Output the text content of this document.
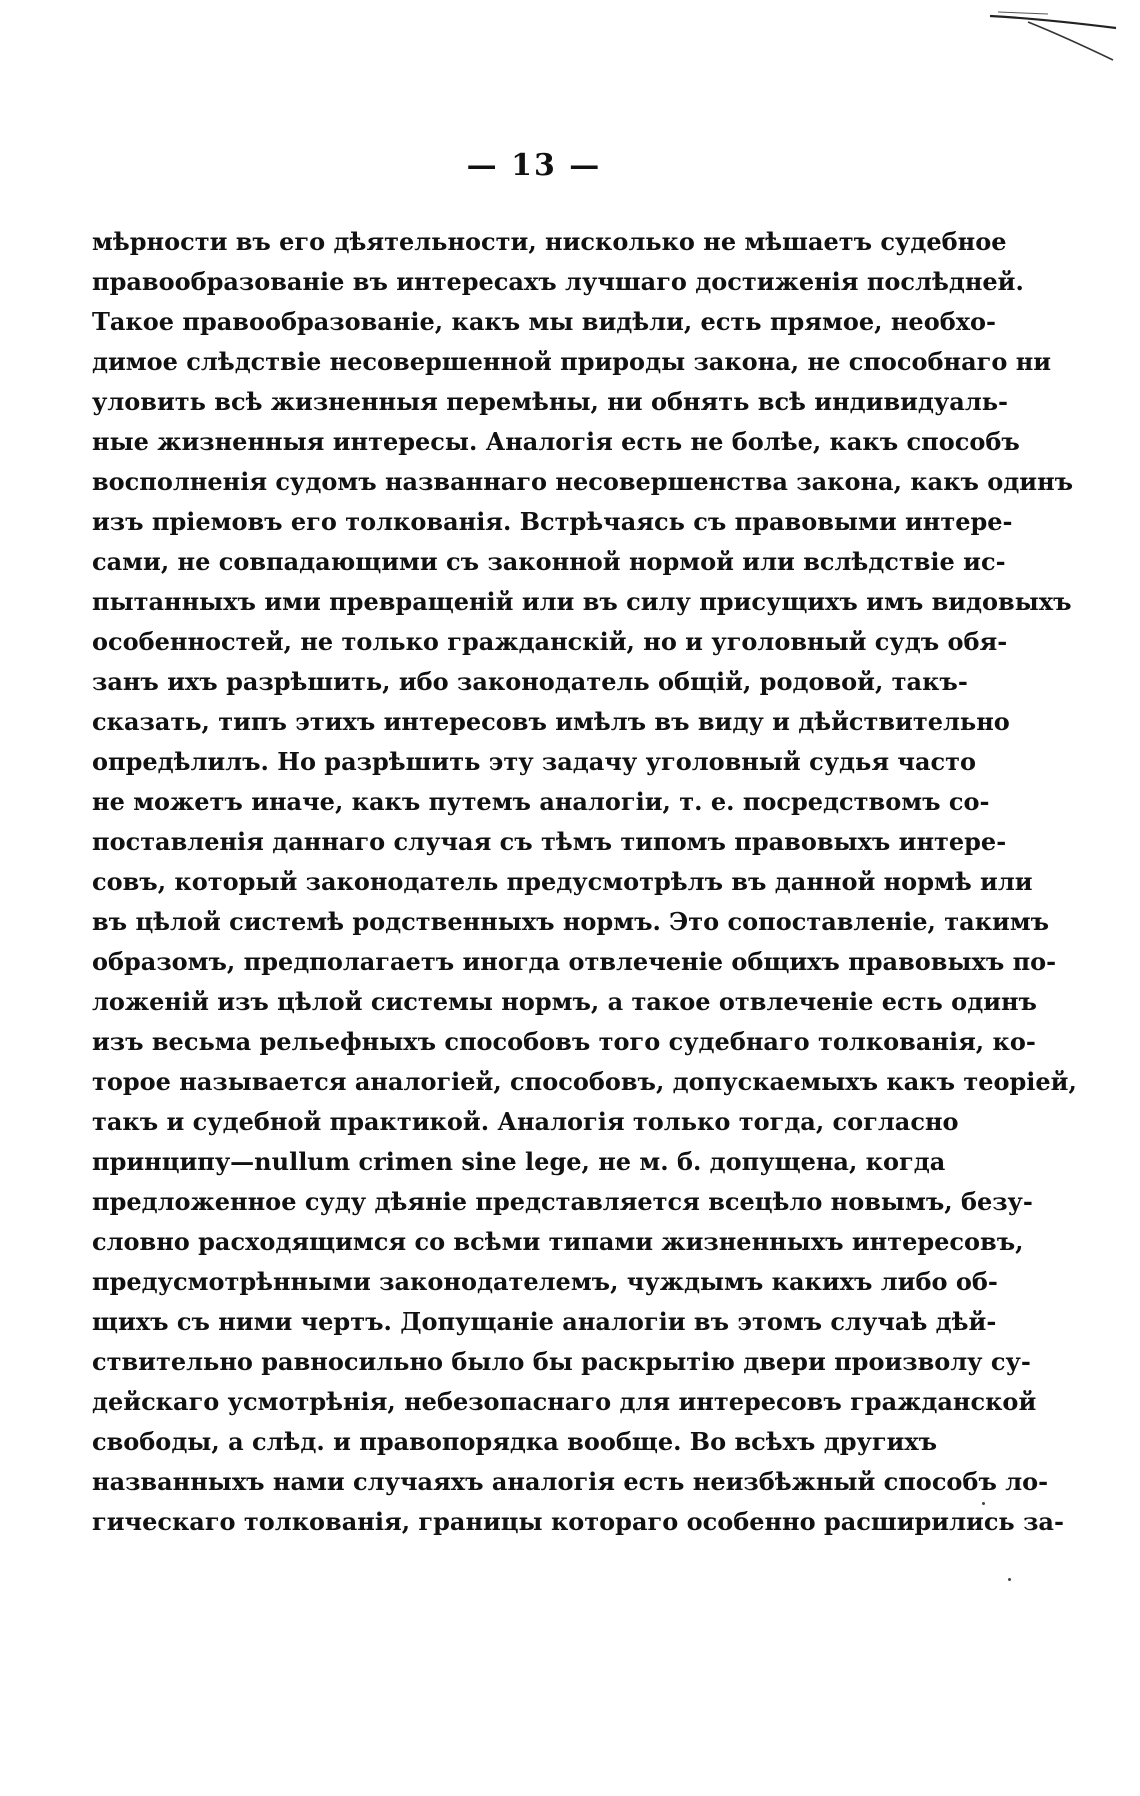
— 13 —
мѣрности въ его дѣятельности, нисколько не мѣшаетъ судебное
правообразованіе въ интересахъ лучшаго достиженія послѣдней.
Такое правообразованіе, какъ мы видѣли, есть прямое, необхо-
димое слѣдствіе несовершенной природы закона, не способнаго ни
уловить всѣ жизненныя перемѣны, ни обнять всѣ индивидуаль-
ные жизненныя интересы. Аналогія есть не болѣе, какъ способъ
восполненія судомъ названнаго несовершенства закона, какъ одинъ
изъ пріемовъ его толкованія. Встрѣчаясь съ правовыми интере-
сами, не совпадающими съ законной нормой или вслѣдствіе ис-
пытанныхъ ими превращеній или въ силу присущихъ имъ видовыхъ
особенностей, не только гражданскій, но и уголовный судъ обя-
занъ ихъ разрѣшить, ибо законодатель общій, родовой, такъ-
сказать, типъ этихъ интересовъ имѣлъ въ виду и дѣйствительно
опредѣлилъ. Но разрѣшить эту задачу уголовный судья часто
не можетъ иначе, какъ путемъ аналогіи, т. е. посредствомъ со-
поставленія даннаго случая съ тѣмъ типомъ правовыхъ интере-
совъ, который законодатель предусмотрѣлъ въ данной нормѣ или
въ цѣлой системѣ родственныхъ нормъ. Это сопоставленіе, такимъ
образомъ, предполагаетъ иногда отвлеченіе общихъ правовыхъ по-
ложеній изъ цѣлой системы нормъ, а такое отвлеченіе есть одинъ
изъ весьма рельефныхъ способовъ того судебнаго толкованія, ко-
торое называется аналогіей, способовъ, допускаемыхъ какъ теоріей,
такъ и судебной практикой. Аналогія только тогда, согласно
принципу—nullum crimen sine lege, не м. б. допущена, когда
предложенное суду дѣяніе представляется всецѣло новымъ, безу-
словно расходящимся со всѣми типами жизненныхъ интересовъ,
предусмотрѣнными законодателемъ, чуждымъ какихъ либо об-
щихъ съ ними чертъ. Допущаніе аналогіи въ этомъ случаѣ дѣй-
ствительно равносильно было бы раскрытію двери произволу су-
дейскаго усмотрѣнія, небезопаснаго для интересовъ гражданской
свободы, а слѣд. и правопорядка вообще. Во всѣхъ другихъ
названныхъ нами случаяхъ аналогія есть неизбѣжный способъ ло-
гическаго толкованія, границы котораго особенно расширились за-
